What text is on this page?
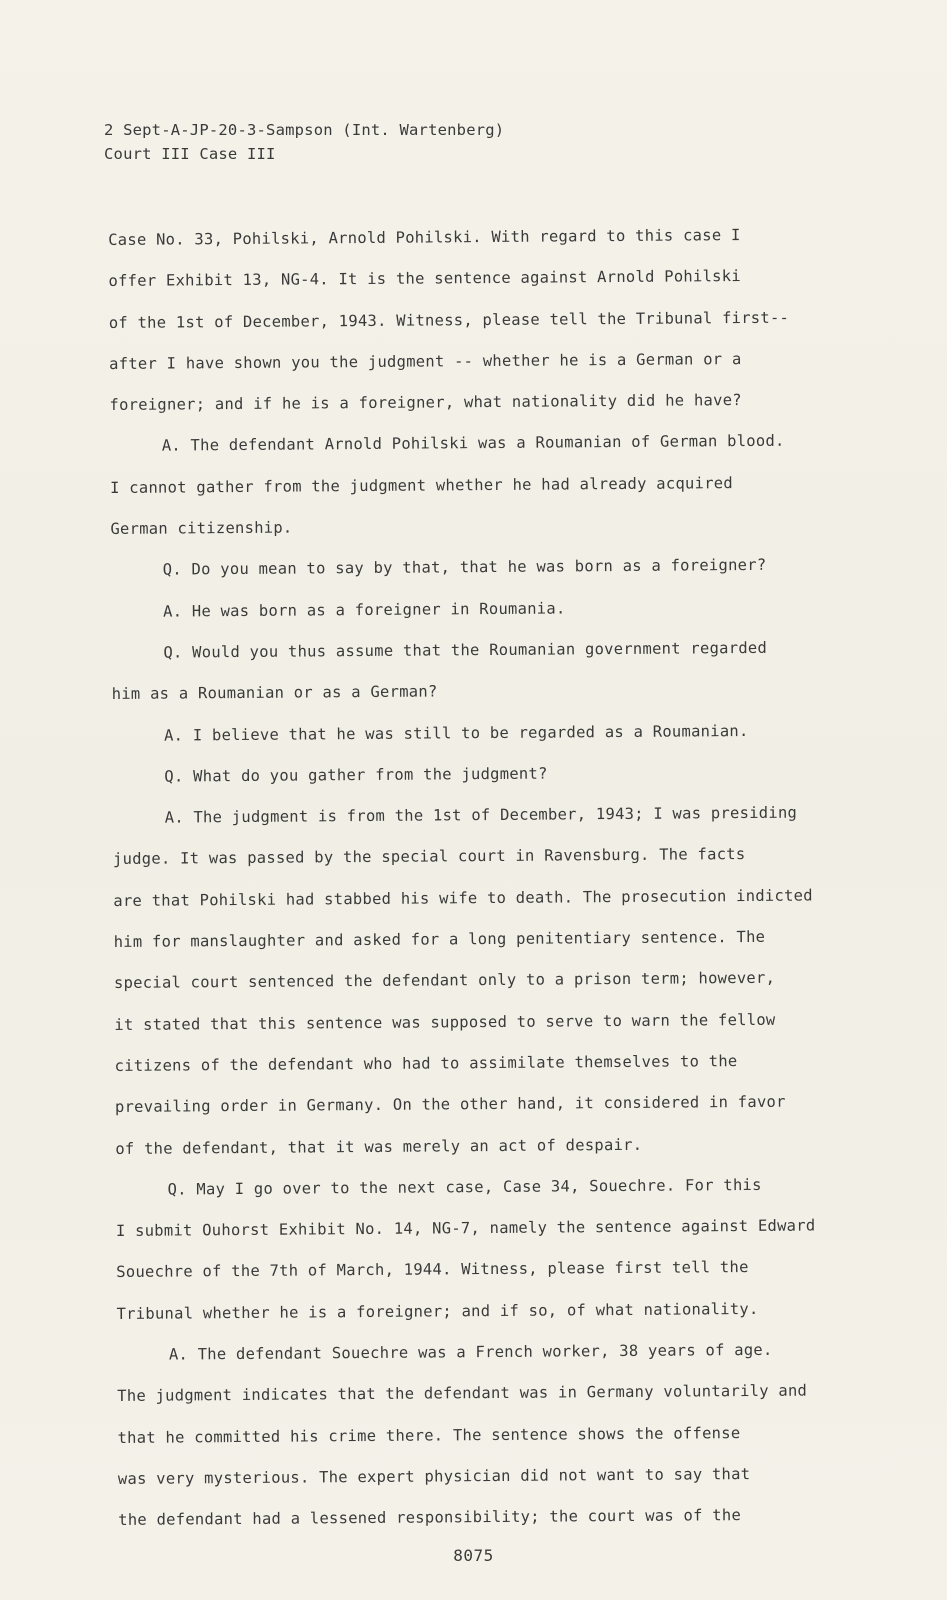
2 Sept-A-JP-20-3-Sampson (Int. Wartenberg)
Court III Case III
Case No. 33, Pohilski, Arnold Pohilski. With regard to this case I
offer Exhibit 13, NG-4. It is the sentence against Arnold Pohilski
of the 1st of December, 1943. Witness, please tell the Tribunal first--
after I have shown you the judgment -- whether he is a German or a
foreigner; and if he is a foreigner, what nationality did he have?
A. The defendant Arnold Pohilski was a Roumanian of German blood.
I cannot gather from the judgment whether he had already acquired
German citizenship.
Q. Do you mean to say by that, that he was born as a foreigner?
A. He was born as a foreigner in Roumania.
Q. Would you thus assume that the Roumanian government regarded
him as a Roumanian or as a German?
A. I believe that he was still to be regarded as a Roumanian.
Q. What do you gather from the judgment?
A. The judgment is from the 1st of December, 1943; I was presiding
judge. It was passed by the special court in Ravensburg. The facts
are that Pohilski had stabbed his wife to death. The prosecution indicted
him for manslaughter and asked for a long penitentiary sentence. The
special court sentenced the defendant only to a prison term; however,
it stated that this sentence was supposed to serve to warn the fellow
citizens of the defendant who had to assimilate themselves to the
prevailing order in Germany. On the other hand, it considered in favor
of the defendant, that it was merely an act of despair.
Q. May I go over to the next case, Case 34, Souechre. For this
I submit Ouhorst Exhibit No. 14, NG-7, namely the sentence against Edward
Souechre of the 7th of March, 1944. Witness, please first tell the
Tribunal whether he is a foreigner; and if so, of what nationality.
A. The defendant Souechre was a French worker, 38 years of age.
The judgment indicates that the defendant was in Germany voluntarily and
that he committed his crime there. The sentence shows the offense
was very mysterious. The expert physician did not want to say that
the defendant had a lessened responsibility; the court was of the
8075
